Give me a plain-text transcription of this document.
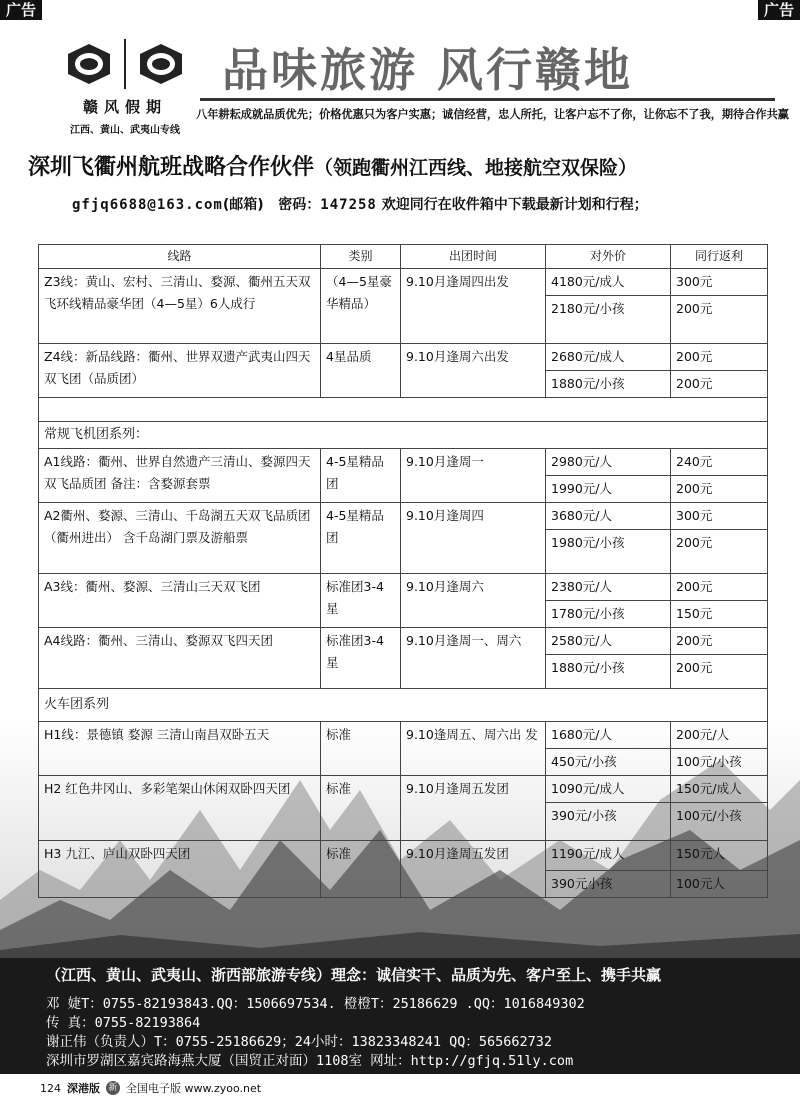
广告	广告
赣风假期
江西、黄山、武夷山专线
品味旅游 风行赣地
八年耕耘成就品质优先；价格优惠只为客户实惠；诚信经营，忠人所托，让客户忘不了你，让你忘不了我，期待合作共赢
深圳飞衢州航班战略合作伙伴（领跑衢州江西线、地接航空双保险）
gfjq6688@163.com(邮箱) 密码：147258 欢迎同行在收件箱中下载最新计划和行程；
线路	类别	出团时间	对外价	同行返利
Z3线：黄山、宏村、三清山、婺源、衢州五天双飞环线精品豪华团（4—5星）6人成行	（4—5星豪华精品）	9.10月逢周四出发	4180元/成人	300元
			2180元/小孩	200元
Z4线：新品线路：衢州、世界双遗产武夷山四天双飞团（品质团）	4星品质	9.10月逢周六出发	2680元/成人	200元
			1880元/小孩	200元

常规飞机团系列：				
A1线路：衢州、世界自然遗产三清山、婺源四天双飞品质团 备注：含婺源套票	4-5星精品团	9.10月逢周一	2980元/人	240元
			1990元/人	200元
A2衢州、婺源、三清山、千岛湖五天双飞品质团（衢州进出） 含千岛湖门票及游船票	4-5星精品团	9.10月逢周四	3680元/人	300元
			1980元/小孩	200元
A3线：衢州、婺源、三清山三天双飞团	标准团3-4星	9.10月逢周六	2380元/人	200元
			1780元/小孩	150元
A4线路：衢州、三清山、婺源双飞四天团	标准团3-4星	9.10月逢周一、周六	2580元/人	200元
			1880元/小孩	200元
火车团系列				
H1线：景德镇 婺源 三清山南昌双卧五天	标准	9.10逢周五、周六出 发	1680元/人	200元/人
			450元/小孩	100元/小孩
H2 红色井冈山、多彩笔架山休闲双卧四天团	标准	9.10月逢周五发团	1090元/成人	150元/成人
			390元/小孩	100元/小孩
H3 九江、庐山双卧四天团	标准	9.10月逢周五发团	1190元/成人	150元人
			390元小孩	100元人
（江西、黄山、武夷山、浙西部旅游专线）理念：诚信实干、品质为先、客户至上、携手共赢
邓 婕T：0755-82193843.QQ：1506697534. 橙橙T：25186629 .QQ：1016849302
传 真：0755-82193864
谢正伟（负责人）T：0755-25186629；24小时：13823348241 QQ：565662732
深圳市罗湖区嘉宾路海燕大厦（国贸正对面）1108室 网址：http://gfjq.51ly.com
124 深港版 新 全国电子版 www.zyoo.net
